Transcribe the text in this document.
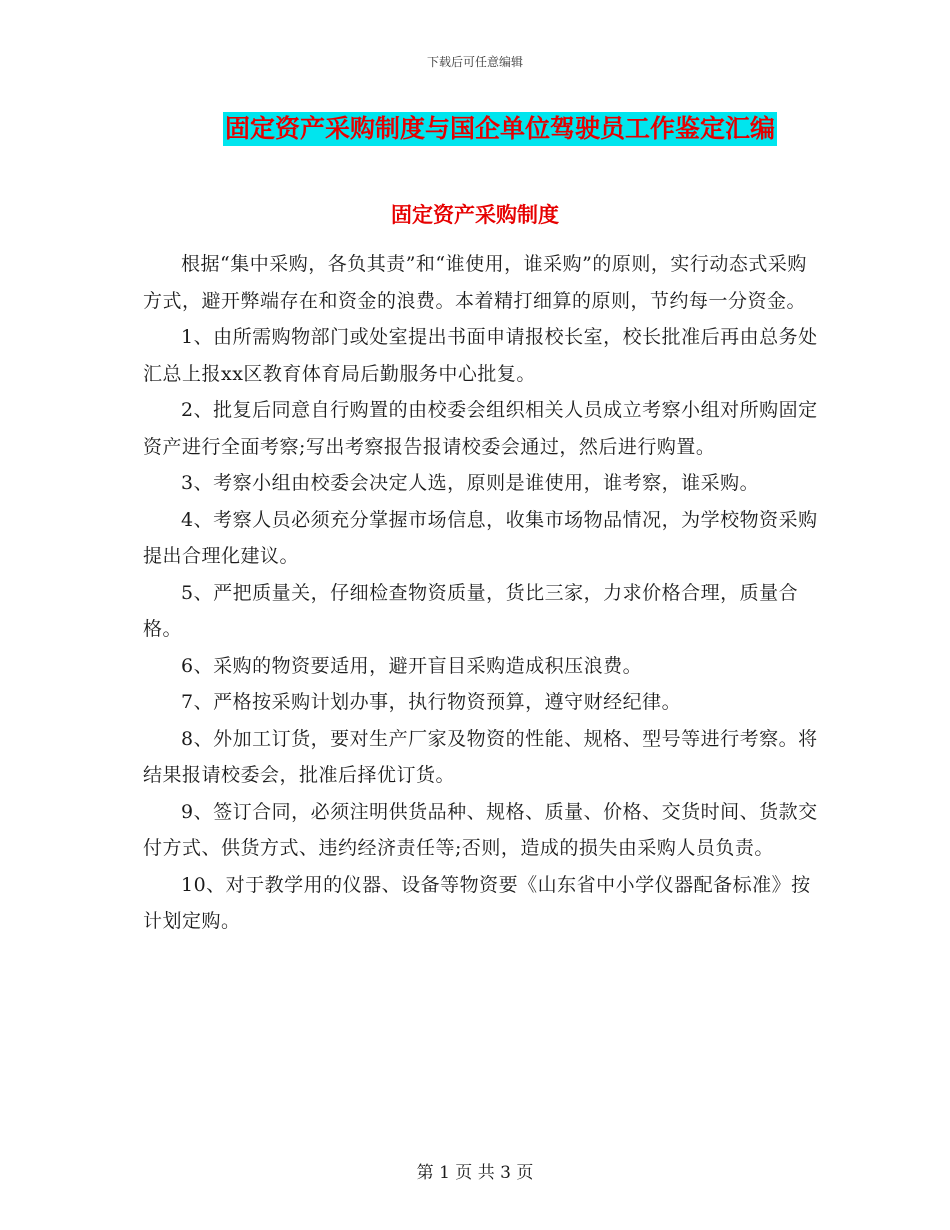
下载后可任意编辑
固定资产采购制度与国企单位驾驶员工作鉴定汇编
固定资产采购制度

根据“集中采购，各负其责”和“谁使用，谁采购”的原则，实行动态式采购方式，避开弊端存在和资金的浪费。本着精打细算的原则，节约每一分资金。

1、由所需购物部门或处室提出书面申请报校长室，校长批准后再由总务处汇总上报xx区教育体育局后勤服务中心批复。

2、批复后同意自行购置的由校委会组织相关人员成立考察小组对所购固定资产进行全面考察;写出考察报告报请校委会通过，然后进行购置。

3、考察小组由校委会决定人选，原则是谁使用，谁考察，谁采购。

4、考察人员必须充分掌握市场信息，收集市场物品情况，为学校物资采购提出合理化建议。

5、严把质量关，仔细检查物资质量，货比三家，力求价格合理，质量合格。

6、采购的物资要适用，避开盲目采购造成积压浪费。

7、严格按采购计划办事，执行物资预算，遵守财经纪律。

8、外加工订货，要对生产厂家及物资的性能、规格、型号等进行考察。将结果报请校委会，批准后择优订货。

9、签订合同，必须注明供货品种、规格、质量、价格、交货时间、货款交付方式、供货方式、违约经济责任等;否则，造成的损失由采购人员负责。

10、对于教学用的仪器、设备等物资要《山东省中小学仪器配备标准》按计划定购。

第 1 页 共 3 页
